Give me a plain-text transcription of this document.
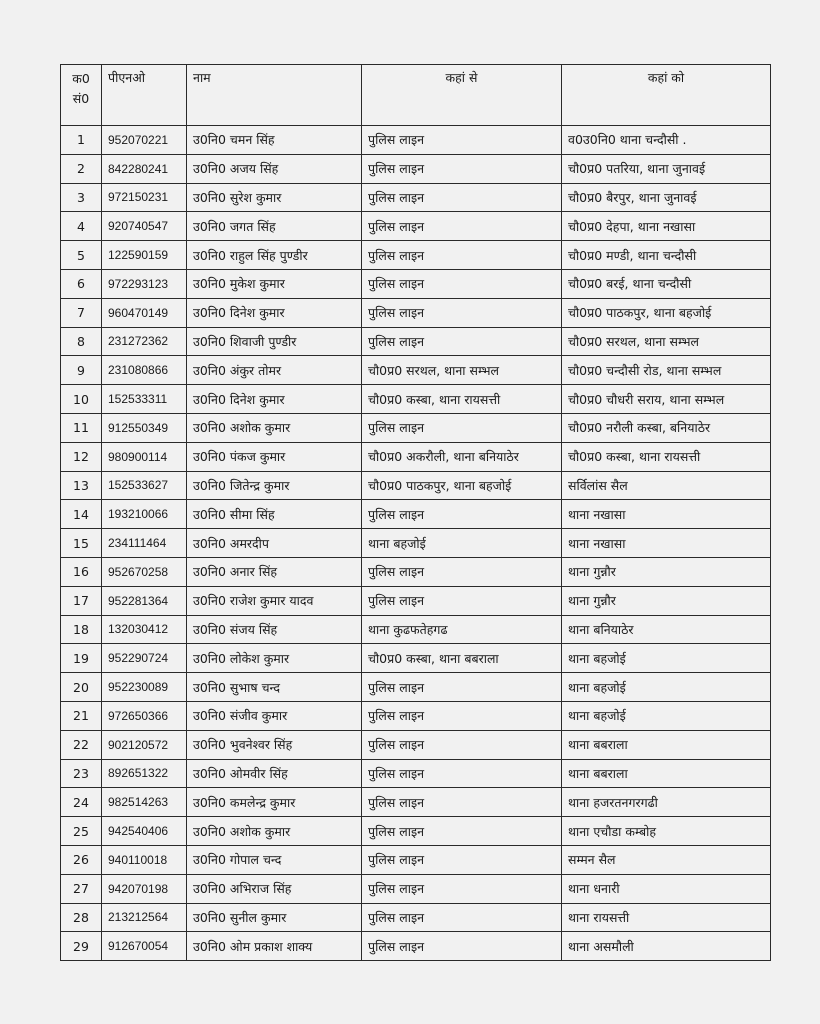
क0
सं0	पीएनओ	नाम	कहां से	कहां को
1	952070221	उ0नि0 चमन सिंह	पुलिस लाइन	व0उ0नि0 थाना चन्दौसी .
2	842280241	उ0नि0 अजय सिंह	पुलिस लाइन	चौ0प्र0 पतरिया, थाना जुनावई
3	972150231	उ0नि0 सुरेश कुमार	पुलिस लाइन	चौ0प्र0 बैरपुर, थाना जुनावई
4	920740547	उ0नि0 जगत सिंह	पुलिस लाइन	चौ0प्र0 देहपा, थाना नखासा
5	122590159	उ0नि0 राहुल सिंह पुण्डीर	पुलिस लाइन	चौ0प्र0 मण्डी, थाना चन्दौसी
6	972293123	उ0नि0 मुकेश कुमार	पुलिस लाइन	चौ0प्र0 बरई, थाना चन्दौसी
7	960470149	उ0नि0 दिनेश कुमार	पुलिस लाइन	चौ0प्र0 पाठकपुर, थाना बहजोई
8	231272362	उ0नि0 शिवाजी पुण्डीर	पुलिस लाइन	चौ0प्र0 सरथल, थाना सम्भल
9	231080866	उ0नि0 अंकुर तोमर	चौ0प्र0 सरथल, थाना सम्भल	चौ0प्र0 चन्दौसी रोड, थाना सम्भल
10	152533311	उ0नि0 दिनेश कुमार	चौ0प्र0 कस्बा, थाना रायसत्ती	चौ0प्र0 चौधरी सराय, थाना सम्भल
11	912550349	उ0नि0 अशोक कुमार	पुलिस लाइन	चौ0प्र0 नरौली कस्बा, बनियाठेर
12	980900114	उ0नि0 पंकज कुमार	चौ0प्र0 अकरौली, थाना बनियाठेर	चौ0प्र0 कस्बा, थाना रायसत्ती
13	152533627	उ0नि0 जितेन्द्र कुमार	चौ0प्र0 पाठकपुर, थाना बहजोई	सर्विलांस सैल
14	193210066	उ0नि0 सीमा सिंह	पुलिस लाइन	थाना नखासा
15	234111464	उ0नि0 अमरदीप	थाना बहजोई	थाना नखासा
16	952670258	उ0नि0 अनार सिंह	पुलिस लाइन	थाना गुन्नौर
17	952281364	उ0नि0 राजेश कुमार यादव	पुलिस लाइन	थाना गुन्नौर
18	132030412	उ0नि0 संजय सिंह	थाना कुढफतेहगढ	थाना बनियाठेर
19	952290724	उ0नि0 लोकेश कुमार	चौ0प्र0 कस्बा, थाना बबराला	थाना बहजोई
20	952230089	उ0नि0 सुभाष चन्द	पुलिस लाइन	थाना बहजोई
21	972650366	उ0नि0 संजीव कुमार	पुलिस लाइन	थाना बहजोई
22	902120572	उ0नि0 भुवनेश्वर सिंह	पुलिस लाइन	थाना बबराला
23	892651322	उ0नि0 ओमवीर सिंह	पुलिस लाइन	थाना बबराला
24	982514263	उ0नि0 कमलेन्द्र कुमार	पुलिस लाइन	थाना हजरतनगरगढी
25	942540406	उ0नि0 अशोक कुमार	पुलिस लाइन	थाना एचौडा कम्बोह
26	940110018	उ0नि0 गोपाल चन्द	पुलिस लाइन	सम्मन सैल
27	942070198	उ0नि0 अभिराज सिंह	पुलिस लाइन	थाना धनारी
28	213212564	उ0नि0 सुनील कुमार	पुलिस लाइन	थाना रायसत्ती
29	912670054	उ0नि0 ओम प्रकाश शाक्य	पुलिस लाइन	थाना असमौली
